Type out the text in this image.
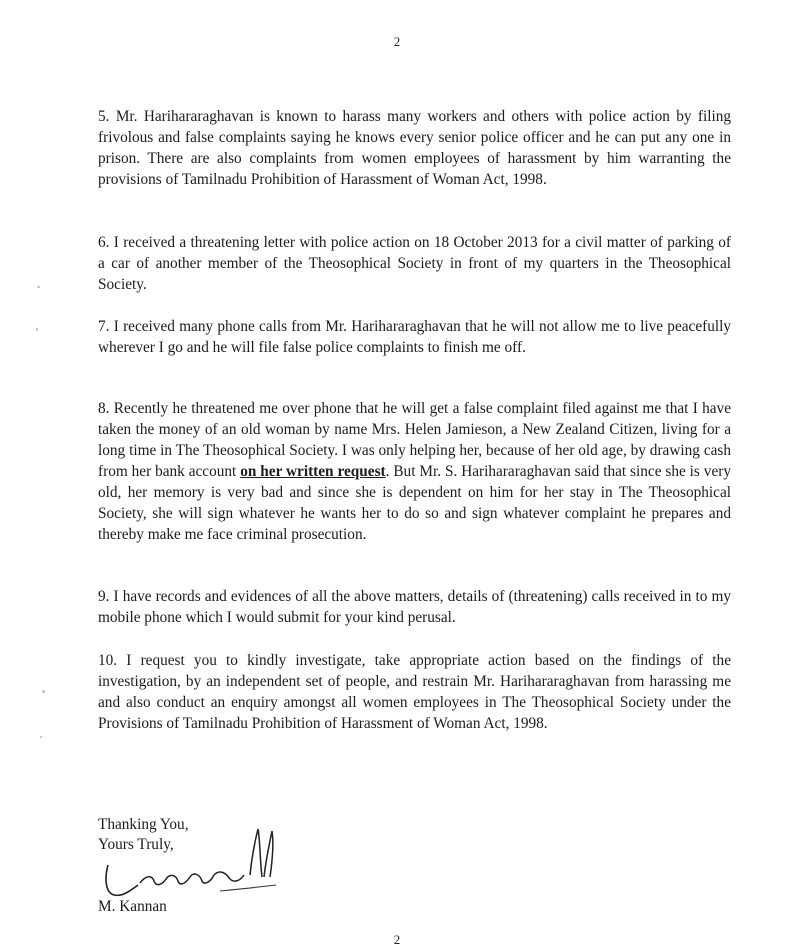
2

5. Mr. Harihararaghavan is known to harass many workers and others with police action by filing frivolous and false complaints saying he knows every senior police officer and he can put any one in prison. There are also complaints from women employees of harassment by him warranting the provisions of Tamilnadu Prohibition of Harassment of Woman Act, 1998.

6. I received a threatening letter with police action on 18 October 2013 for a civil matter of parking of a car of another member of the Theosophical Society in front of my quarters in the Theosophical Society.

7. I received many phone calls from Mr. Harihararaghavan that he will not allow me to live peacefully wherever I go and he will file false police complaints to finish me off.

8. Recently he threatened me over phone that he will get a false complaint filed against me that I have taken the money of an old woman by name Mrs. Helen Jamieson, a New Zealand Citizen, living for a long time in The Theosophical Society. I was only helping her, because of her old age, by drawing cash from her bank account on her written request. But Mr. S. Harihararaghavan said that since she is very old, her memory is very bad and since she is dependent on him for her stay in The Theosophical Society, she will sign whatever he wants her to do so and sign whatever complaint he prepares and thereby make me face criminal prosecution.

9. I have records and evidences of all the above matters, details of (threatening) calls received in to my mobile phone which I would submit for your kind perusal.

10. I request you to kindly investigate, take appropriate action based on the findings of the investigation, by an independent set of people, and restrain Mr. Harihararaghavan from harassing me and also conduct an enquiry amongst all women employees in The Theosophical Society under the Provisions of Tamilnadu Prohibition of Harassment of Woman Act, 1998.

Thanking You,
Yours Truly,
M. Kannan
2
